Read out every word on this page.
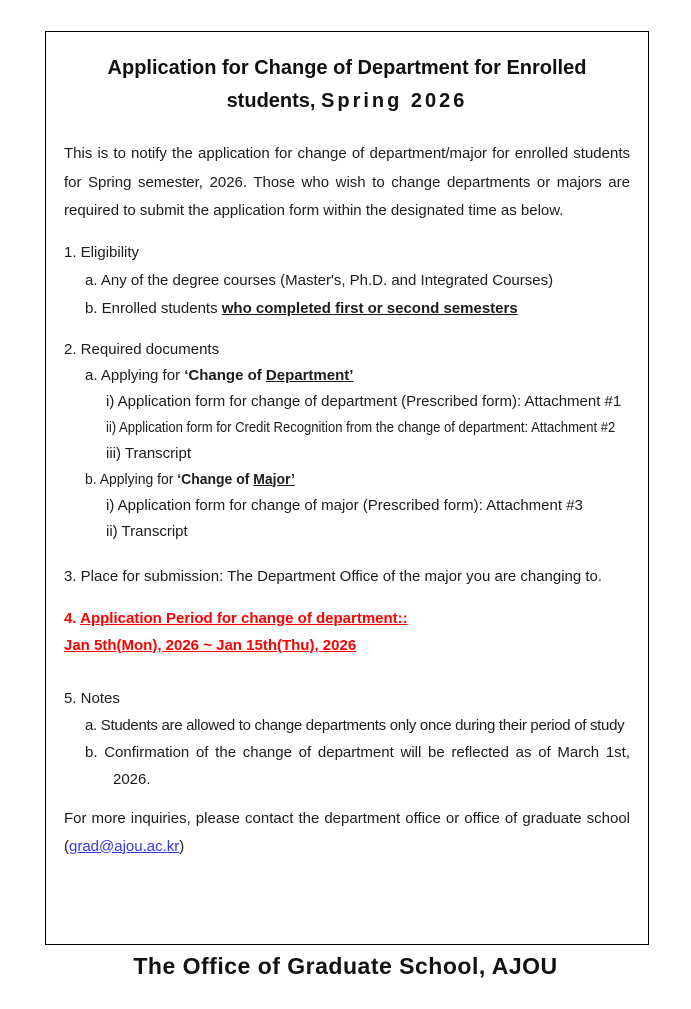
Application for Change of Department for Enrolled
students, Spring 2026

This is to notify the application for change of department/major for enrolled students for Spring semester, 2026. Those who wish to change departments or majors are required to submit the application form within the designated time as below.

1. Eligibility
a. Any of the degree courses (Master's, Ph.D. and Integrated Courses)
b. Enrolled students who completed first or second semesters
2. Required documents
a. Applying for ‘Change of Department’
i) Application form for change of department (Prescribed form): Attachment #1
ii) Application form for Credit Recognition from the change of department: Attachment #2
iii) Transcript
b. Applying for ‘Change of Major’
i) Application form for change of major (Prescribed form): Attachment #3
ii) Transcript
3. Place for submission: The Department Office of the major you are changing to.
4. Application Period for change of department::
Jan 5th(Mon), 2026 ~ Jan 15th(Thu), 2026
5. Notes
a. Students are allowed to change departments only once during their period of study
b. Confirmation of the change of department will be reflected as of March 1st, 2026.

For more inquiries, please contact the department office or office of graduate school (grad@ajou.ac.kr)

The Office of Graduate School, AJOU
